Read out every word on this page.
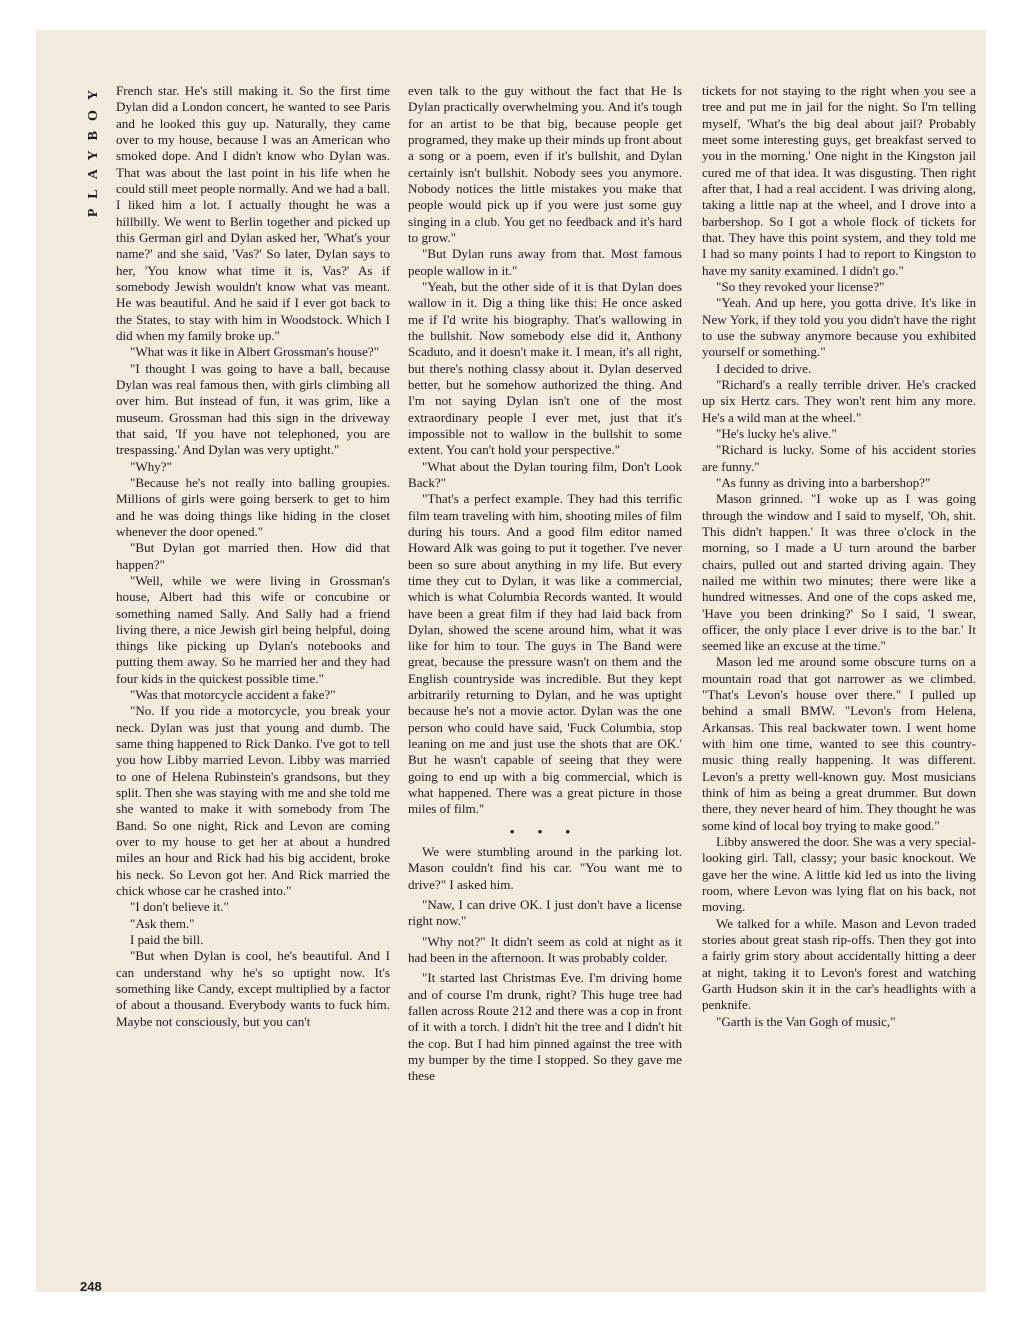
PLAYBOY
248

French star. He's still making it. So the first time Dylan did a London concert, he wanted to see Paris and he looked this guy up. Naturally, they came over to my house, because I was an American who smoked dope. And I didn't know who Dylan was. That was about the last point in his life when he could still meet people normally. And we had a ball. I liked him a lot. I actually thought he was a hillbilly. We went to Berlin together and picked up this German girl and Dylan asked her, 'What's your name?' and she said, 'Vas?' So later, Dylan says to her, 'You know what time it is, Vas?' As if somebody Jewish wouldn't know what vas meant. He was beautiful. And he said if I ever got back to the States, to stay with him in Woodstock. Which I did when my family broke up."

"What was it like in Albert Grossman's house?"

"I thought I was going to have a ball, because Dylan was real famous then, with girls climbing all over him. But instead of fun, it was grim, like a museum. Grossman had this sign in the driveway that said, 'If you have not telephoned, you are trespassing.' And Dylan was very uptight."

"Why?"

"Because he's not really into balling groupies. Millions of girls were going berserk to get to him and he was doing things like hiding in the closet whenever the door opened."

"But Dylan got married then. How did that happen?"

"Well, while we were living in Grossman's house, Albert had this wife or concubine or something named Sally. And Sally had a friend living there, a nice Jewish girl being helpful, doing things like picking up Dylan's notebooks and putting them away. So he married her and they had four kids in the quickest possible time."

"Was that motorcycle accident a fake?"

"No. If you ride a motorcycle, you break your neck. Dylan was just that young and dumb. The same thing happened to Rick Danko. I've got to tell you how Libby married Levon. Libby was married to one of Helena Rubinstein's grandsons, but they split. Then she was staying with me and she told me she wanted to make it with somebody from The Band. So one night, Rick and Levon are coming over to my house to get her at about a hundred miles an hour and Rick had his big accident, broke his neck. So Levon got her. And Rick married the chick whose car he crashed into."

"I don't believe it."

"Ask them."

I paid the bill.

"But when Dylan is cool, he's beautiful. And I can understand why he's so uptight now. It's something like Candy, except multiplied by a factor of about a thousand. Everybody wants to fuck him. Maybe not consciously, but you can't

even talk to the guy without the fact that He Is Dylan practically overwhelming you. And it's tough for an artist to be that big, because people get programed, they make up their minds up front about a song or a poem, even if it's bullshit, and Dylan certainly isn't bullshit. Nobody sees you anymore. Nobody notices the little mistakes you make that people would pick up if you were just some guy singing in a club. You get no feedback and it's hard to grow."

"But Dylan runs away from that. Most famous people wallow in it."

"Yeah, but the other side of it is that Dylan does wallow in it. Dig a thing like this: He once asked me if I'd write his biography. That's wallowing in the bullshit. Now somebody else did it, Anthony Scaduto, and it doesn't make it. I mean, it's all right, but there's nothing classy about it. Dylan deserved better, but he somehow authorized the thing. And I'm not saying Dylan isn't one of the most extraordinary people I ever met, just that it's impossible not to wallow in the bullshit to some extent. You can't hold your perspective."

"What about the Dylan touring film, Don't Look Back?"

"That's a perfect example. They had this terrific film team traveling with him, shooting miles of film during his tours. And a good film editor named Howard Alk was going to put it together. I've never been so sure about anything in my life. But every time they cut to Dylan, it was like a commercial, which is what Columbia Records wanted. It would have been a great film if they had laid back from Dylan, showed the scene around him, what it was like for him to tour. The guys in The Band were great, because the pressure wasn't on them and the English countryside was incredible. But they kept arbitrarily returning to Dylan, and he was uptight because he's not a movie actor. Dylan was the one person who could have said, 'Fuck Columbia, stop leaning on me and just use the shots that are OK.' But he wasn't capable of seeing that they were going to end up with a big commercial, which is what happened. There was a great picture in those miles of film."

• • •

We were stumbling around in the parking lot. Mason couldn't find his car. "You want me to drive?" I asked him.

"Naw, I can drive OK. I just don't have a license right now."

"Why not?" It didn't seem as cold at night as it had been in the afternoon. It was probably colder.

"It started last Christmas Eve. I'm driving home and of course I'm drunk, right? This huge tree had fallen across Route 212 and there was a cop in front of it with a torch. I didn't hit the tree and I didn't hit the cop. But I had him pinned against the tree with my bumper by the time I stopped. So they gave me these

tickets for not staying to the right when you see a tree and put me in jail for the night. So I'm telling myself, 'What's the big deal about jail? Probably meet some interesting guys, get breakfast served to you in the morning.' One night in the Kingston jail cured me of that idea. It was disgusting. Then right after that, I had a real accident. I was driving along, taking a little nap at the wheel, and I drove into a barbershop. So I got a whole flock of tickets for that. They have this point system, and they told me I had so many points I had to report to Kingston to have my sanity examined. I didn't go."

"So they revoked your license?"

"Yeah. And up here, you gotta drive. It's like in New York, if they told you you didn't have the right to use the subway anymore because you exhibited yourself or something."

I decided to drive.

"Richard's a really terrible driver. He's cracked up six Hertz cars. They won't rent him any more. He's a wild man at the wheel."

"He's lucky he's alive."

"Richard is lucky. Some of his accident stories are funny."

"As funny as driving into a barbershop?"

Mason grinned. "I woke up as I was going through the window and I said to myself, 'Oh, shit. This didn't happen.' It was three o'clock in the morning, so I made a U turn around the barber chairs, pulled out and started driving again. They nailed me within two minutes; there were like a hundred witnesses. And one of the cops asked me, 'Have you been drinking?' So I said, 'I swear, officer, the only place I ever drive is to the bar.' It seemed like an excuse at the time."

Mason led me around some obscure turns on a mountain road that got narrower as we climbed. "That's Levon's house over there." I pulled up behind a small BMW. "Levon's from Helena, Arkansas. This real backwater town. I went home with him one time, wanted to see this country-music thing really happening. It was different. Levon's a pretty well-known guy. Most musicians think of him as being a great drummer. But down there, they never heard of him. They thought he was some kind of local boy trying to make good."

Libby answered the door. She was a very special-looking girl. Tall, classy; your basic knockout. We gave her the wine. A little kid led us into the living room, where Levon was lying flat on his back, not moving.

We talked for a while. Mason and Levon traded stories about great stash rip-offs. Then they got into a fairly grim story about accidentally hitting a deer at night, taking it to Levon's forest and watching Garth Hudson skin it in the car's headlights with a penknife.

"Garth is the Van Gogh of music,"
